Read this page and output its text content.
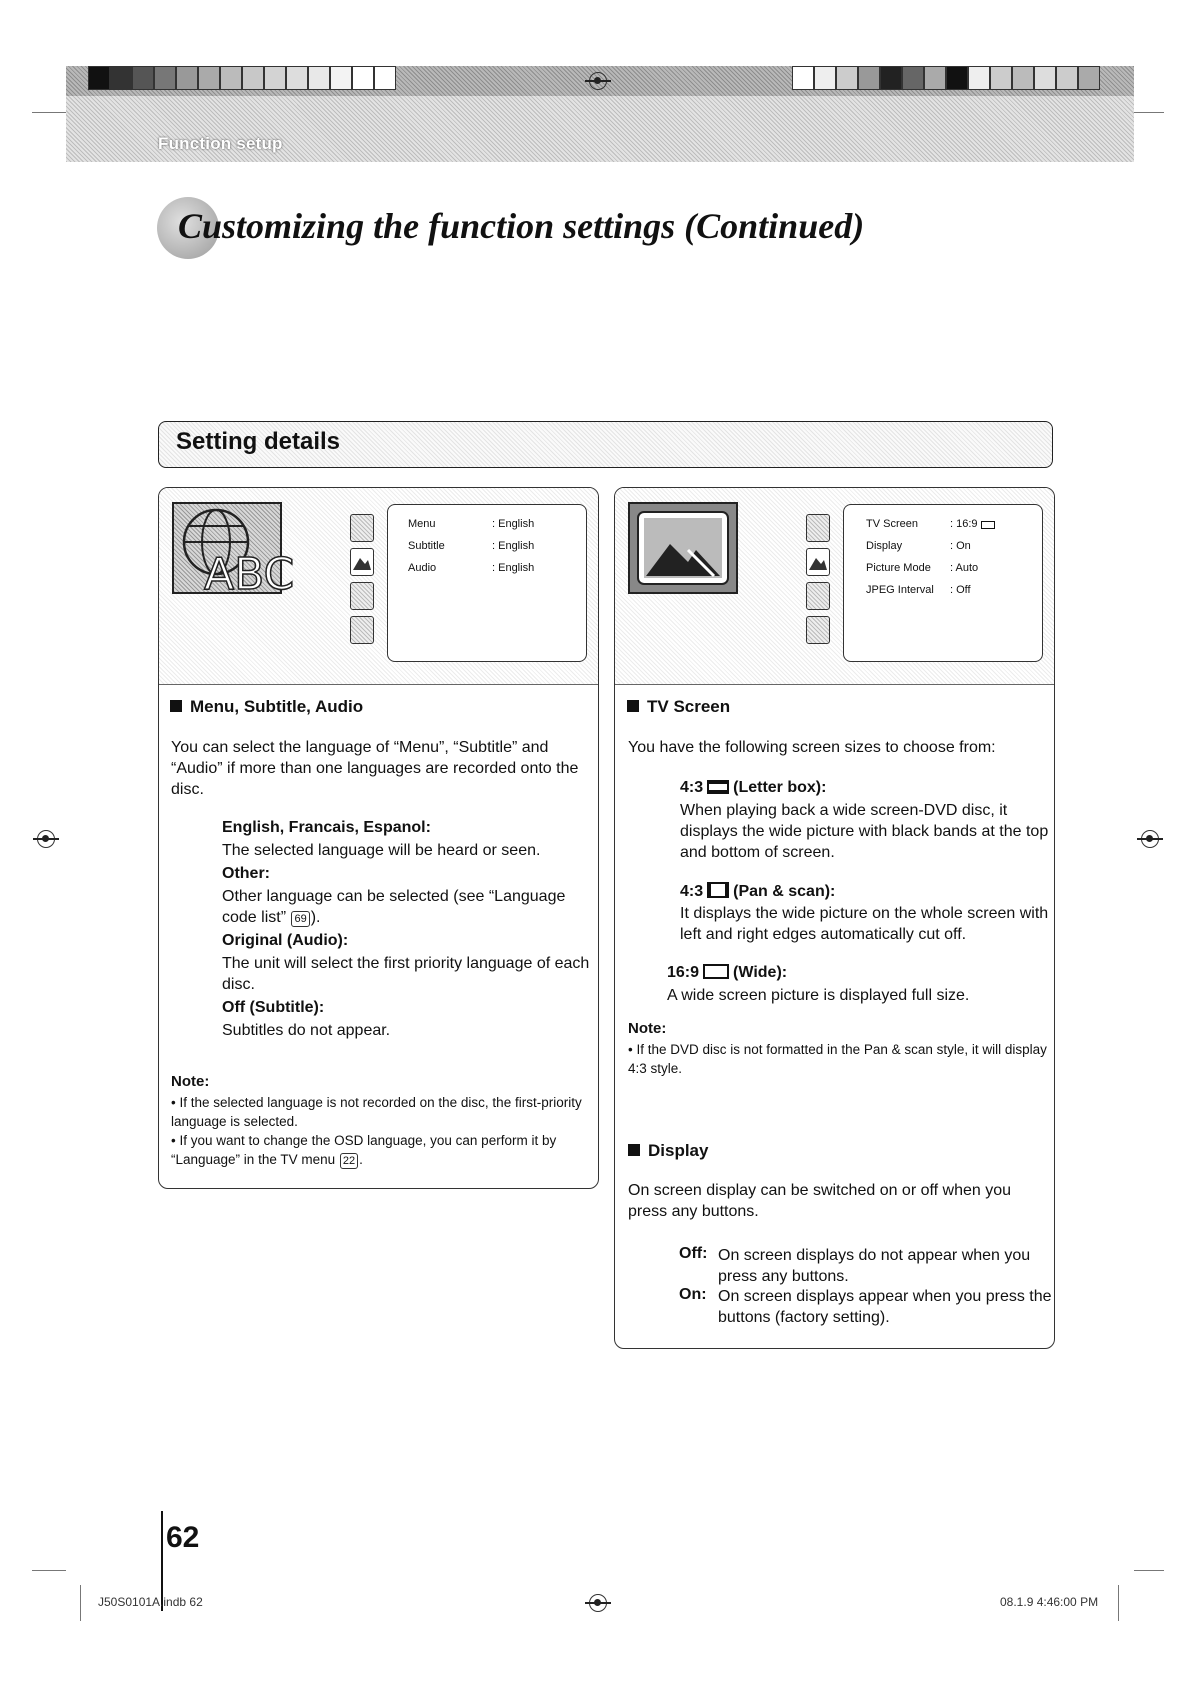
Function setup
Customizing the function settings (Continued)
Setting details
ABC
Menu	: English
Subtitle	: English
Audio	: English
Menu, Subtitle, Audio
You can select the language of “Menu”, “Subtitle” and “Audio” if more than one languages are recorded onto the disc.
English, Francais, Espanol:
The selected language will be heard or seen.
Other:
Other language can be selected (see “Language code list” 69 ).
Original (Audio):
The unit will select the first priority language of each disc.
Off (Subtitle):
Subtitles do not appear.
Note:
• If the selected language is not recorded on the disc, the first-priority language is selected.
• If you want to change the OSD language, you can perform it by “Language” in the TV menu 22 .
TV Screen	: 16:9
Display	: On
Picture Mode : Auto
JPEG Interval : Off
TV Screen
You have the following screen sizes to choose from:
4:3 (Letter box):
When playing back a wide screen-DVD disc, it displays the wide picture with black bands at the top and bottom of screen.
4:3 (Pan & scan):
It displays the wide picture on the whole screen with left and right edges automatically cut off.
16:9 (Wide):
A wide screen picture is displayed full size.
Note:
• If the DVD disc is not formatted in the Pan & scan style, it will display 4:3 style.
Display
On screen display can be switched on or off when you press any buttons.
Off: On screen displays do not appear when you press any buttons.
On: On screen displays appear when you press the buttons (factory setting).
62
J50S0101A.indb 62	08.1.9 4:46:00 PM
